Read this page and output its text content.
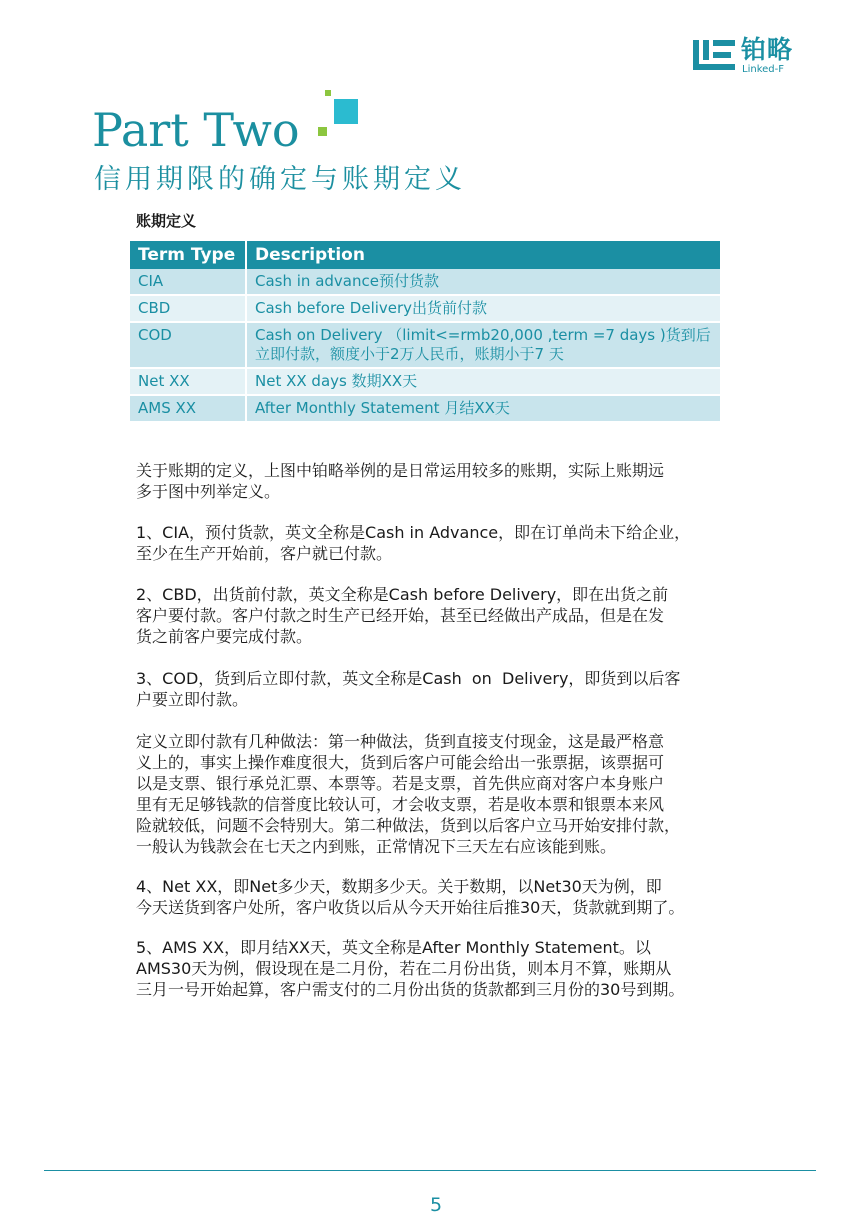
铂略
Linked-F
Part Two
信用期限的确定与账期定义
账期定义
Term Type	Description
CIA	Cash in advance预付货款
CBD	Cash before Delivery出货前付款
COD	Cash on Delivery （limit<=rmb20,000 ,term =7 days )货到后立即付款，额度小于2万人民币，账期小于7 天
Net XX	Net XX days 数期XX天
AMS XX	After Monthly Statement 月结XX天
关于账期的定义，上图中铂略举例的是日常运用较多的账期，实际上账期远
多于图中列举定义。
1、CIA，预付货款，英文全称是Cash in Advance，即在订单尚未下给企业，
至少在生产开始前，客户就已付款。
2、CBD，出货前付款，英文全称是Cash before Delivery，即在出货之前
客户要付款。客户付款之时生产已经开始，甚至已经做出产成品，但是在发
货之前客户要完成付款。
3、COD，货到后立即付款，英文全称是Cash  on  Delivery，即货到以后客
户要立即付款。
定义立即付款有几种做法：第一种做法，货到直接支付现金，这是最严格意
义上的，事实上操作难度很大，货到后客户可能会给出一张票据，该票据可
以是支票、银行承兑汇票、本票等。若是支票，首先供应商对客户本身账户
里有无足够钱款的信誉度比较认可，才会收支票，若是收本票和银票本来风
险就较低，问题不会特别大。第二种做法，货到以后客户立马开始安排付款，
一般认为钱款会在七天之内到账，正常情况下三天左右应该能到账。
4、Net XX，即Net多少天，数期多少天。关于数期，以Net30天为例，即
今天送货到客户处所，客户收货以后从今天开始往后推30天，货款就到期了。
5、AMS XX，即月结XX天，英文全称是After Monthly Statement。以
AMS30天为例，假设现在是二月份，若在二月份出货，则本月不算，账期从
三月一号开始起算，客户需支付的二月份出货的货款都到三月份的30号到期。
5
